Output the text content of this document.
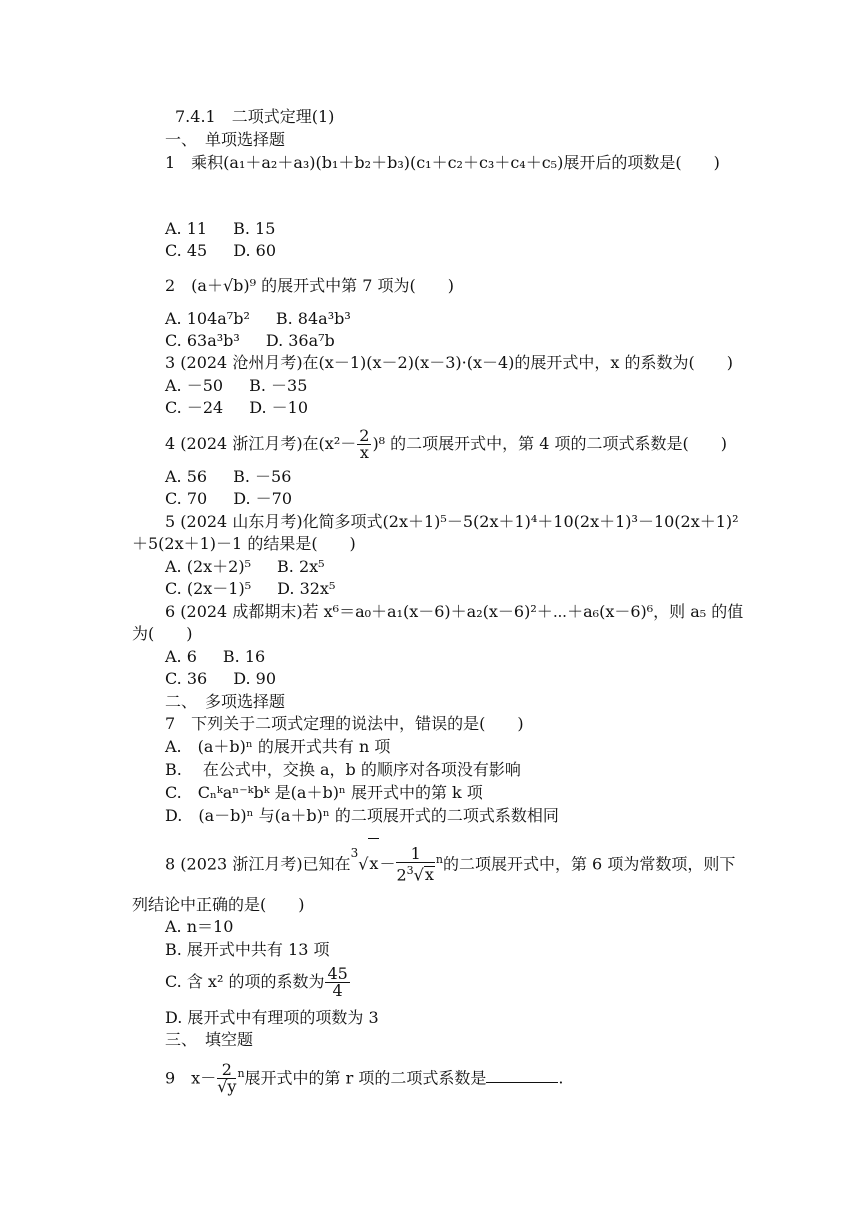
7.4.1　二项式定理(1)
一、　单项选择题
1　乘积(a₁＋a₂＋a₃)(b₁＋b₂＋b₃)(c₁＋c₂＋c₃＋c₄＋c₅)展开后的项数是(　　)
A. 11 B. 15
C. 45 D. 60
2　(a＋√b)⁹ 的展开式中第 7 项为(　　)
A. 104a⁷b² B. 84a³b³
C. 63a³b³ D. 36a⁷b
3 (2024 沧州月考)在(x－1)(x－2)(x－3)·(x－4)的展开式中，x 的系数为(　　)
A. －50 B. －35
C. －24 D. －10
4 (2024 浙江月考)在$(x^2- \frac{2}{x} )^8$ 的二项展开式中，第 4 项的二项式系数是(　　)
A. 56 B. －56
C. 70 D. －70
5 (2024 山东月考)化简多项式(2x＋1)⁵－5(2x＋1)⁴＋10(2x＋1)³－10(2x＋1)²
＋5(2x＋1)－1 的结果是(　　)
A. (2x＋2)⁵ B. 2x⁵
C. (2x－1)⁵ D. 32x⁵
6 (2024 成都期末)若 x⁶＝a₀＋a₁(x－6)＋a₂(x－6)²＋⋯＋a₆(x－6)⁶，则 a₅ 的值
为(　　)
A. 6 B. 16
C. 36 D. 90
二、　多项选择题
7　下列关于二项式定理的说法中，错误的是(　　)
A.　(a＋b)ⁿ 的展开式共有 n 项
B.　 在公式中，交换 a，b 的顺序对各项没有影响
C.　Cₙᵏaⁿ⁻ᵏbᵏ 是(a＋b)ⁿ 展开式中的第 k 项
D.　(a－b)ⁿ 与(a＋b)ⁿ 的二项展开式的二项式系数相同
8 (2023 浙江月考)已知在$^3√x- \frac{1}{2^3√x} ^n$的二项展开式中，第 6 项为常数项，则下
列结论中正确的是(　　)
A. n＝10
B. 展开式中共有 13 项
C. 含 x² 的项的系数为 $\frac{45}{4}$
D. 展开式中有理项的项数为 3
三、　填空题
9　$x- \frac{2}{√y} ^n$展开式中的第 r 项的二项式系数是	.
